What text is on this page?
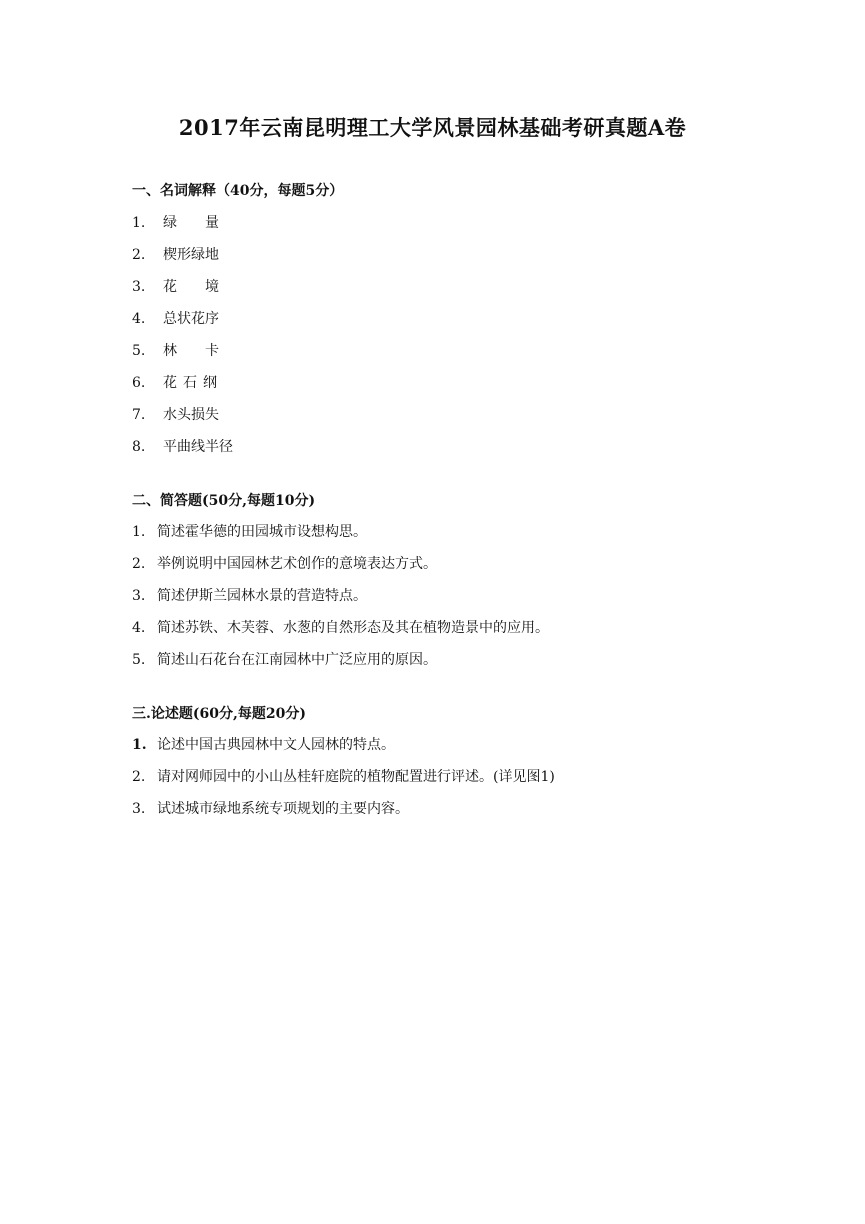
2017年云南昆明理工大学风景园林基础考研真题A卷
一、名词解释（40分，每题5分）
1.	绿量
2.	楔形绿地
3.	花境
4.	总状花序
5.	林卡
6.	花石纲
7.	水头损失
8.	平曲线半径
二、简答题(50分,每题10分)
1. 简述霍华德的田园城市设想构思。
2. 举例说明中国园林艺术创作的意境表达方式。
3. 简述伊斯兰园林水景的营造特点。
4. 简述苏铁、木芙蓉、水葱的自然形态及其在植物造景中的应用。
5. 简述山石花台在江南园林中广泛应用的原因。
三.论述题(60分,每题20分)
1. 论述中国古典园林中文人园林的特点。
2. 请对网师园中的小山丛桂轩庭院的植物配置进行评述。(详见图1)
3. 试述城市绿地系统专项规划的主要内容。
